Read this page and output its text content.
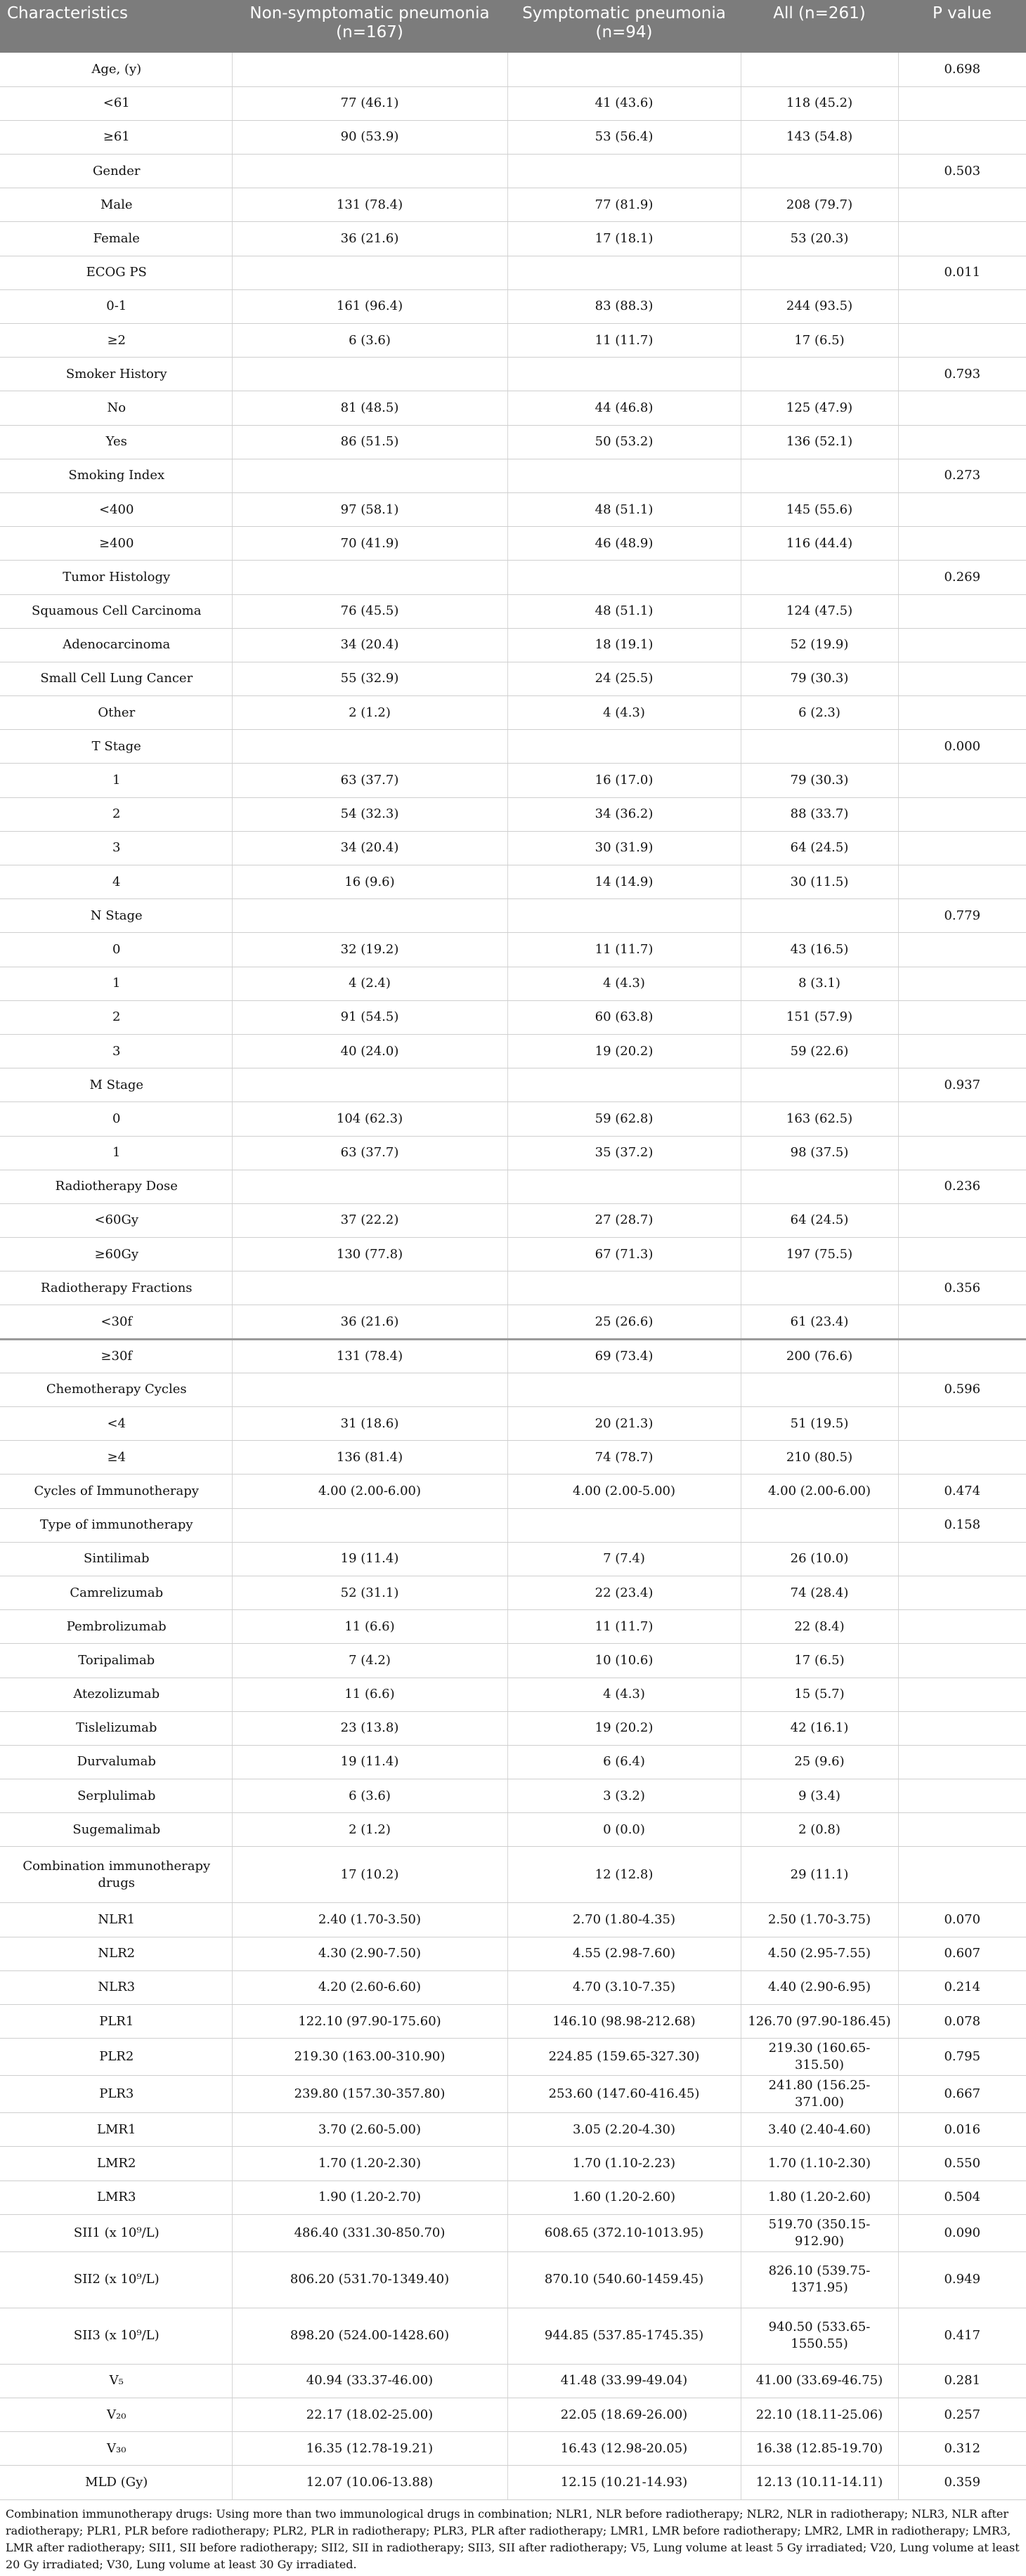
Characteristics	Non-symptomatic pneumonia (n=167)	Symptomatic pneumonia (n=94)	All (n=261)	P value
Age, (y)				0.698
<61	77 (46.1)	41 (43.6)	118 (45.2)	
≥61	90 (53.9)	53 (56.4)	143 (54.8)	
Gender				0.503
Male	131 (78.4)	77 (81.9)	208 (79.7)	
Female	36 (21.6)	17 (18.1)	53 (20.3)	
ECOG PS				0.011
0-1	161 (96.4)	83 (88.3)	244 (93.5)	
≥2	6 (3.6)	11 (11.7)	17 (6.5)	
Smoker History				0.793
No	81 (48.5)	44 (46.8)	125 (47.9)	
Yes	86 (51.5)	50 (53.2)	136 (52.1)	
Smoking Index				0.273
<400	97 (58.1)	48 (51.1)	145 (55.6)	
≥400	70 (41.9)	46 (48.9)	116 (44.4)	
Tumor Histology				0.269
Squamous Cell Carcinoma	76 (45.5)	48 (51.1)	124 (47.5)	
Adenocarcinoma	34 (20.4)	18 (19.1)	52 (19.9)	
Small Cell Lung Cancer	55 (32.9)	24 (25.5)	79 (30.3)	
Other	2 (1.2)	4 (4.3)	6 (2.3)	
T Stage				0.000
1	63 (37.7)	16 (17.0)	79 (30.3)	
2	54 (32.3)	34 (36.2)	88 (33.7)	
3	34 (20.4)	30 (31.9)	64 (24.5)	
4	16 (9.6)	14 (14.9)	30 (11.5)	
N Stage				0.779
0	32 (19.2)	11 (11.7)	43 (16.5)	
1	4 (2.4)	4 (4.3)	8 (3.1)	
2	91 (54.5)	60 (63.8)	151 (57.9)	
3	40 (24.0)	19 (20.2)	59 (22.6)	
M Stage				0.937
0	104 (62.3)	59 (62.8)	163 (62.5)	
1	63 (37.7)	35 (37.2)	98 (37.5)	
Radiotherapy Dose				0.236
<60Gy	37 (22.2)	27 (28.7)	64 (24.5)	
≥60Gy	130 (77.8)	67 (71.3)	197 (75.5)	
Radiotherapy Fractions				0.356
<30f	36 (21.6)	25 (26.6)	61 (23.4)	
≥30f	131 (78.4)	69 (73.4)	200 (76.6)	
Chemotherapy Cycles				0.596
<4	31 (18.6)	20 (21.3)	51 (19.5)	
≥4	136 (81.4)	74 (78.7)	210 (80.5)	
Cycles of Immunotherapy	4.00 (2.00-6.00)	4.00 (2.00-5.00)	4.00 (2.00-6.00)	0.474
Type of immunotherapy				0.158
Sintilimab	19 (11.4)	7 (7.4)	26 (10.0)	
Camrelizumab	52 (31.1)	22 (23.4)	74 (28.4)	
Pembrolizumab	11 (6.6)	11 (11.7)	22 (8.4)	
Toripalimab	7 (4.2)	10 (10.6)	17 (6.5)	
Atezolizumab	11 (6.6)	4 (4.3)	15 (5.7)	
Tislelizumab	23 (13.8)	19 (20.2)	42 (16.1)	
Durvalumab	19 (11.4)	6 (6.4)	25 (9.6)	
Serplulimab	6 (3.6)	3 (3.2)	9 (3.4)	
Sugemalimab	2 (1.2)	0 (0.0)	2 (0.8)	
Combination immunotherapy drugs	17 (10.2)	12 (12.8)	29 (11.1)	
NLR1	2.40 (1.70-3.50)	2.70 (1.80-4.35)	2.50 (1.70-3.75)	0.070
NLR2	4.30 (2.90-7.50)	4.55 (2.98-7.60)	4.50 (2.95-7.55)	0.607
NLR3	4.20 (2.60-6.60)	4.70 (3.10-7.35)	4.40 (2.90-6.95)	0.214
PLR1	122.10 (97.90-175.60)	146.10 (98.98-212.68)	126.70 (97.90-186.45)	0.078
PLR2	219.30 (163.00-310.90)	224.85 (159.65-327.30)	219.30 (160.65-315.50)	0.795
PLR3	239.80 (157.30-357.80)	253.60 (147.60-416.45)	241.80 (156.25-371.00)	0.667
LMR1	3.70 (2.60-5.00)	3.05 (2.20-4.30)	3.40 (2.40-4.60)	0.016
LMR2	1.70 (1.20-2.30)	1.70 (1.10-2.23)	1.70 (1.10-2.30)	0.550
LMR3	1.90 (1.20-2.70)	1.60 (1.20-2.60)	1.80 (1.20-2.60)	0.504
SII1 (x 10⁹/L)	486.40 (331.30-850.70)	608.65 (372.10-1013.95)	519.70 (350.15-912.90)	0.090
SII2 (x 10⁹/L)	806.20 (531.70-1349.40)	870.10 (540.60-1459.45)	826.10 (539.75-1371.95)	0.949
SII3 (x 10⁹/L)	898.20 (524.00-1428.60)	944.85 (537.85-1745.35)	940.50 (533.65-1550.55)	0.417
V₅	40.94 (33.37-46.00)	41.48 (33.99-49.04)	41.00 (33.69-46.75)	0.281
V₂₀	22.17 (18.02-25.00)	22.05 (18.69-26.00)	22.10 (18.11-25.06)	0.257
V₃₀	16.35 (12.78-19.21)	16.43 (12.98-20.05)	16.38 (12.85-19.70)	0.312
MLD (Gy)	12.07 (10.06-13.88)	12.15 (10.21-14.93)	12.13 (10.11-14.11)	0.359
Combination immunotherapy drugs: Using more than two immunological drugs in combination; NLR1, NLR before radiotherapy; NLR2, NLR in radiotherapy; NLR3, NLR after radiotherapy; PLR1, PLR before radiotherapy; PLR2, PLR in radiotherapy; PLR3, PLR after radiotherapy; LMR1, LMR before radiotherapy; LMR2, LMR in radiotherapy; LMR3, LMR after radiotherapy; SII1, SII before radiotherapy; SII2, SII in radiotherapy; SII3, SII after radiotherapy; V5, Lung volume at least 5 Gy irradiated; V20, Lung volume at least 20 Gy irradiated; V30, Lung volume at least 30 Gy irradiated.
